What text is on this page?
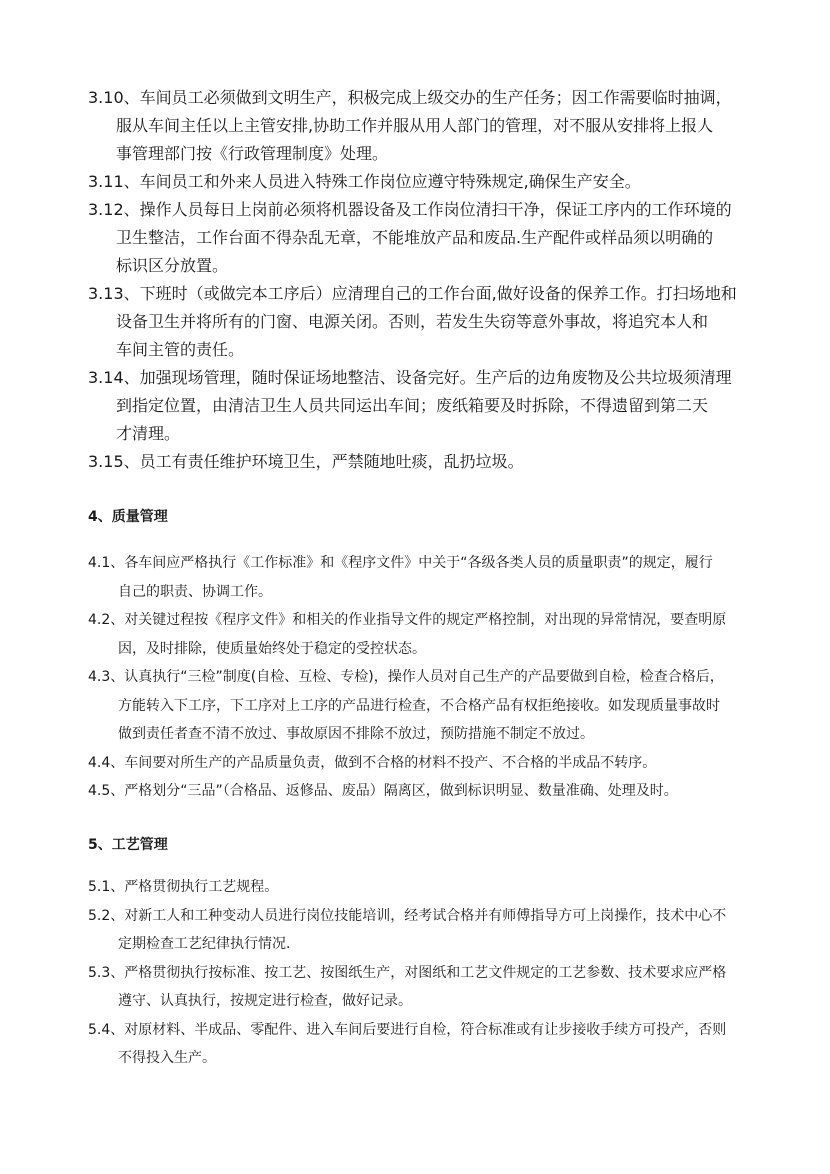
3.10、车间员工必须做到文明生产，积极完成上级交办的生产任务；因工作需要临时抽调，
服从车间主任以上主管安排,协助工作并服从用人部门的管理，对不服从安排将上报人
事管理部门按《行政管理制度》处理。
3.11、车间员工和外来人员进入特殊工作岗位应遵守特殊规定,确保生产安全。
3.12、操作人员每日上岗前必须将机器设备及工作岗位清扫干净，保证工序内的工作环境的
卫生整洁，工作台面不得杂乱无章，不能堆放产品和废品.生产配件或样品须以明确的
标识区分放置。
3.13、下班时（或做完本工序后）应清理自己的工作台面,做好设备的保养工作。打扫场地和
设备卫生并将所有的门窗、电源关闭。否则，若发生失窃等意外事故，将追究本人和
车间主管的责任。
3.14、加强现场管理，随时保证场地整洁、设备完好。生产后的边角废物及公共垃圾须清理
到指定位置，由清洁卫生人员共同运出车间；废纸箱要及时拆除，不得遗留到第二天
才清理。
3.15、员工有责任维护环境卫生，严禁随地吐痰，乱扔垃圾。
4、质量管理
4.1、各车间应严格执行《工作标准》和《程序文件》中关于“各级各类人员的质量职责”的规定，履行
自己的职责、协调工作。
4.2、对关键过程按《程序文件》和相关的作业指导文件的规定严格控制，对出现的异常情况，要查明原
因，及时排除，使质量始终处于稳定的受控状态。
4.3、认真执行“三检”制度(自检、互检、专检)，操作人员对自己生产的产品要做到自检，检查合格后，
方能转入下工序，下工序对上工序的产品进行检查，不合格产品有权拒绝接收。如发现质量事故时
做到责任者查不清不放过、事故原因不排除不放过，预防措施不制定不放过。
4.4、车间要对所生产的产品质量负责，做到不合格的材料不投产、不合格的半成品不转序。
4.5、严格划分“三品”（合格品、返修品、废品）隔离区，做到标识明显、数量准确、处理及时。
5、工艺管理
5.1、严格贯彻执行工艺规程。
5.2、对新工人和工种变动人员进行岗位技能培训，经考试合格并有师傅指导方可上岗操作，技术中心不
定期检查工艺纪律执行情况．
5.3、严格贯彻执行按标准、按工艺、按图纸生产，对图纸和工艺文件规定的工艺参数、技术要求应严格
遵守、认真执行，按规定进行检查，做好记录。
5.4、对原材料、半成品、零配件、进入车间后要进行自检，符合标准或有让步接收手续方可投产，否则
不得投入生产。
